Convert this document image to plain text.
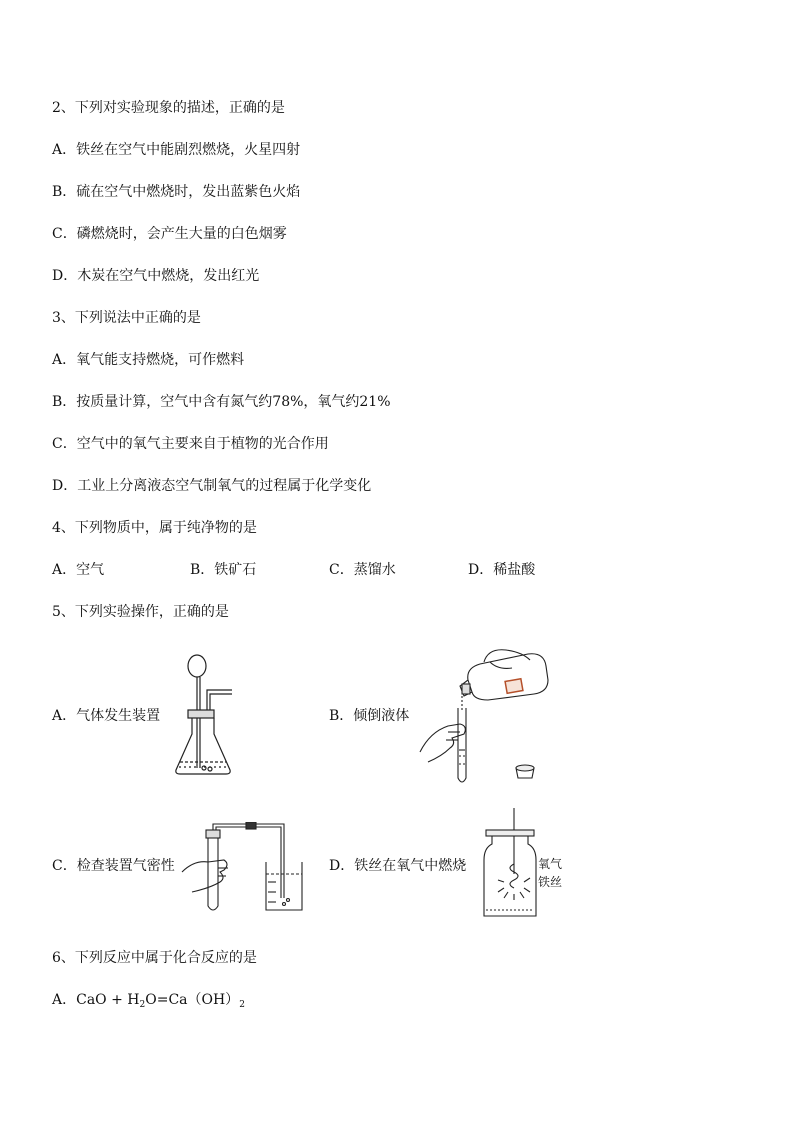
2、下列对实验现象的描述，正确的是
A．铁丝在空气中能剧烈燃烧，火星四射
B．硫在空气中燃烧时，发出蓝紫色火焰
C．磷燃烧时，会产生大量的白色烟雾
D．木炭在空气中燃烧，发出红光
3、下列说法中正确的是
A．氧气能支持燃烧，可作燃料
B．按质量计算，空气中含有氮气约78%，氧气约21%
C．空气中的氧气主要来自于植物的光合作用
D．工业上分离液态空气制氧气的过程属于化学变化
4、下列物质中，属于纯净物的是
A．空气	B．铁矿石	C．蒸馏水	D．稀盐酸
5、下列实验操作，正确的是
A．气体发生装置	B．倾倒液体
C．检查装置气密性	D．铁丝在氧气中燃烧	氧气
铁丝
6、下列反应中属于化合反应的是
A．CaO + $H_2O=Ca(OH)_2$
